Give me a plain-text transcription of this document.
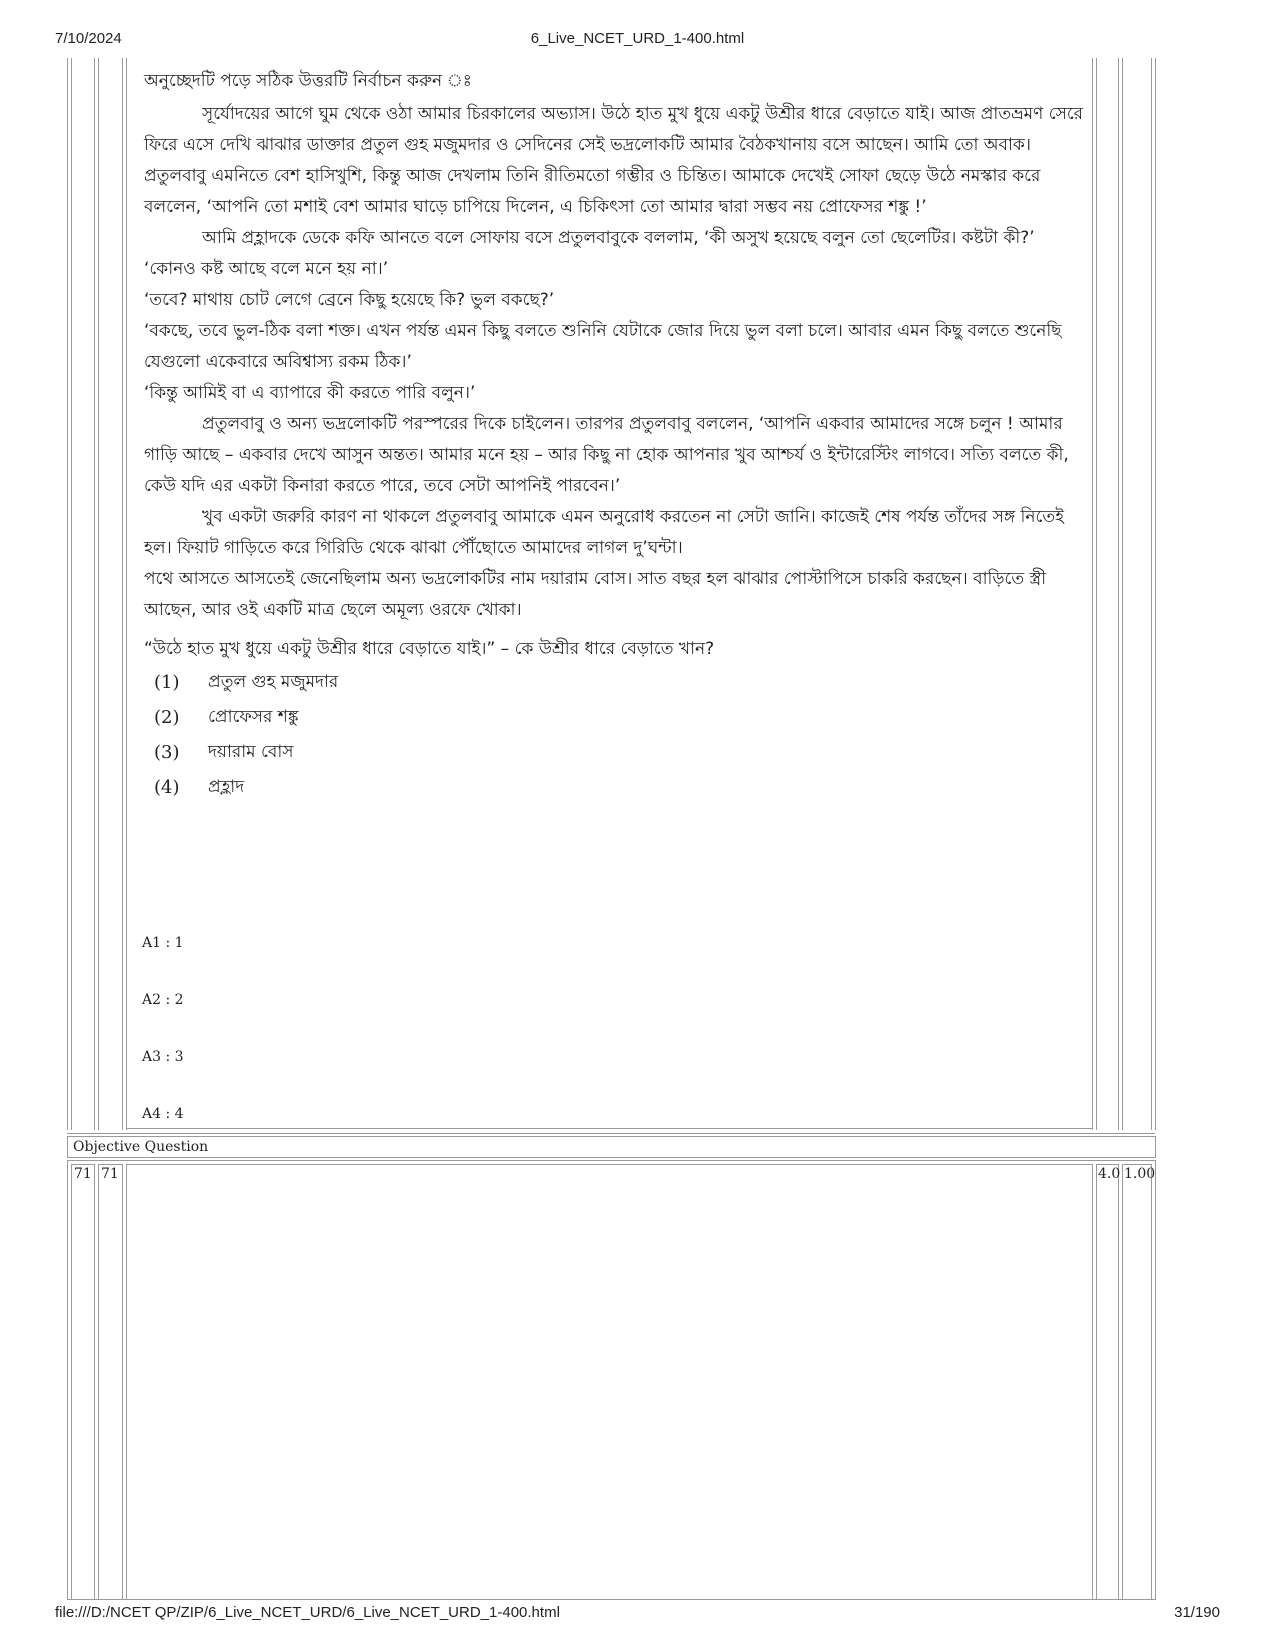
7/10/2024	6_Live_NCET_URD_1-400.html

অনুচ্ছেদটি পড়ে সঠিক উত্তরটি নির্বাচন করুন ঃ

সূর্যোদয়ের আগে ঘুম থেকে ওঠা আমার চিরকালের অভ্যাস। উঠে হাত মুখ ধুয়ে একটু উশ্রীর ধারে বেড়াতে যাই। আজ প্রাতভ্রমণ সেরে ফিরে এসে দেখি ঝাঝার ডাক্তার প্রতুল গুহ মজুমদার ও সেদিনের সেই ভদ্রলোকটি আমার বৈঠকখানায় বসে আছেন। আমি তো অবাক। প্রতুলবাবু এমনিতে বেশ হাসিখুশি, কিন্তু আজ দেখলাম তিনি রীতিমতো গম্ভীর ও চিন্তিত। আমাকে দেখেই সোফা ছেড়ে উঠে নমস্কার করে বললেন, ‘আপনি তো মশাই বেশ আমার ঘাড়ে চাপিয়ে দিলেন, এ চিকিৎসা তো আমার দ্বারা সম্ভব নয় প্রোফেসর শঙ্কু !’

আমি প্রহ্লাদকে ডেকে কফি আনতে বলে সোফায় বসে প্রতুলবাবুকে বললাম, ‘কী অসুখ হয়েছে বলুন তো ছেলেটির। কষ্টটা কী?’

‘কোনও কষ্ট আছে বলে মনে হয় না।’

‘তবে? মাথায় চোট লেগে ব্রেনে কিছু হয়েছে কি? ভুল বকছে?’

‘বকছে, তবে ভুল-ঠিক বলা শক্ত। এখন পর্যন্ত এমন কিছু বলতে শুনিনি যেটাকে জোর দিয়ে ভুল বলা চলে। আবার এমন কিছু বলতে শুনেছি যেগুলো একেবারে অবিশ্বাস্য রকম ঠিক।’

‘কিন্তু আমিই বা এ ব্যাপারে কী করতে পারি বলুন।’

প্রতুলবাবু ও অন্য ভদ্রলোকটি পরস্পরের দিকে চাইলেন। তারপর প্রতুলবাবু বললেন, ‘আপনি একবার আমাদের সঙ্গে চলুন ! আমার গাড়ি আছে – একবার দেখে আসুন অন্তত। আমার মনে হয় – আর কিছু না হোক আপনার খুব আশ্চর্য ও ইন্টারেস্টিং লাগবে। সত্যি বলতে কী, কেউ যদি এর একটা কিনারা করতে পারে, তবে সেটা আপনিই পারবেন।’

খুব একটা জরুরি কারণ না থাকলে প্রতুলবাবু আমাকে এমন অনুরোধ করতেন না সেটা জানি। কাজেই শেষ পর্যন্ত তাঁদের সঙ্গ নিতেই হল। ফিয়াট গাড়িতে করে গিরিডি থেকে ঝাঝা পৌঁছোতে আমাদের লাগল দু’ঘন্টা।

পথে আসতে আসতেই জেনেছিলাম অন্য ভদ্রলোকটির নাম দয়ারাম বোস। সাত বছর হল ঝাঝার পোস্টাপিসে চাকরি করছেন। বাড়িতে স্ত্রী আছেন, আর ওই একটি মাত্র ছেলে অমূল্য ওরফে খোকা।

“উঠে হাত মুখ ধুয়ে একটু উশ্রীর ধারে বেড়াতে যাই।” – কে উশ্রীর ধারে বেড়াতে খান?

(1)	প্রতুল গুহ মজুমদার
(2)	প্রোফেসর শঙ্কু
(3)	দয়ারাম বোস
(4)	প্রহ্লাদ
A1 : 1
A2 : 2
A3 : 3
A4 : 4
Objective Question
71 71	4.0 1.00
file:///D:/NCET QP/ZIP/6_Live_NCET_URD/6_Live_NCET_URD_1-400.html	31/190
